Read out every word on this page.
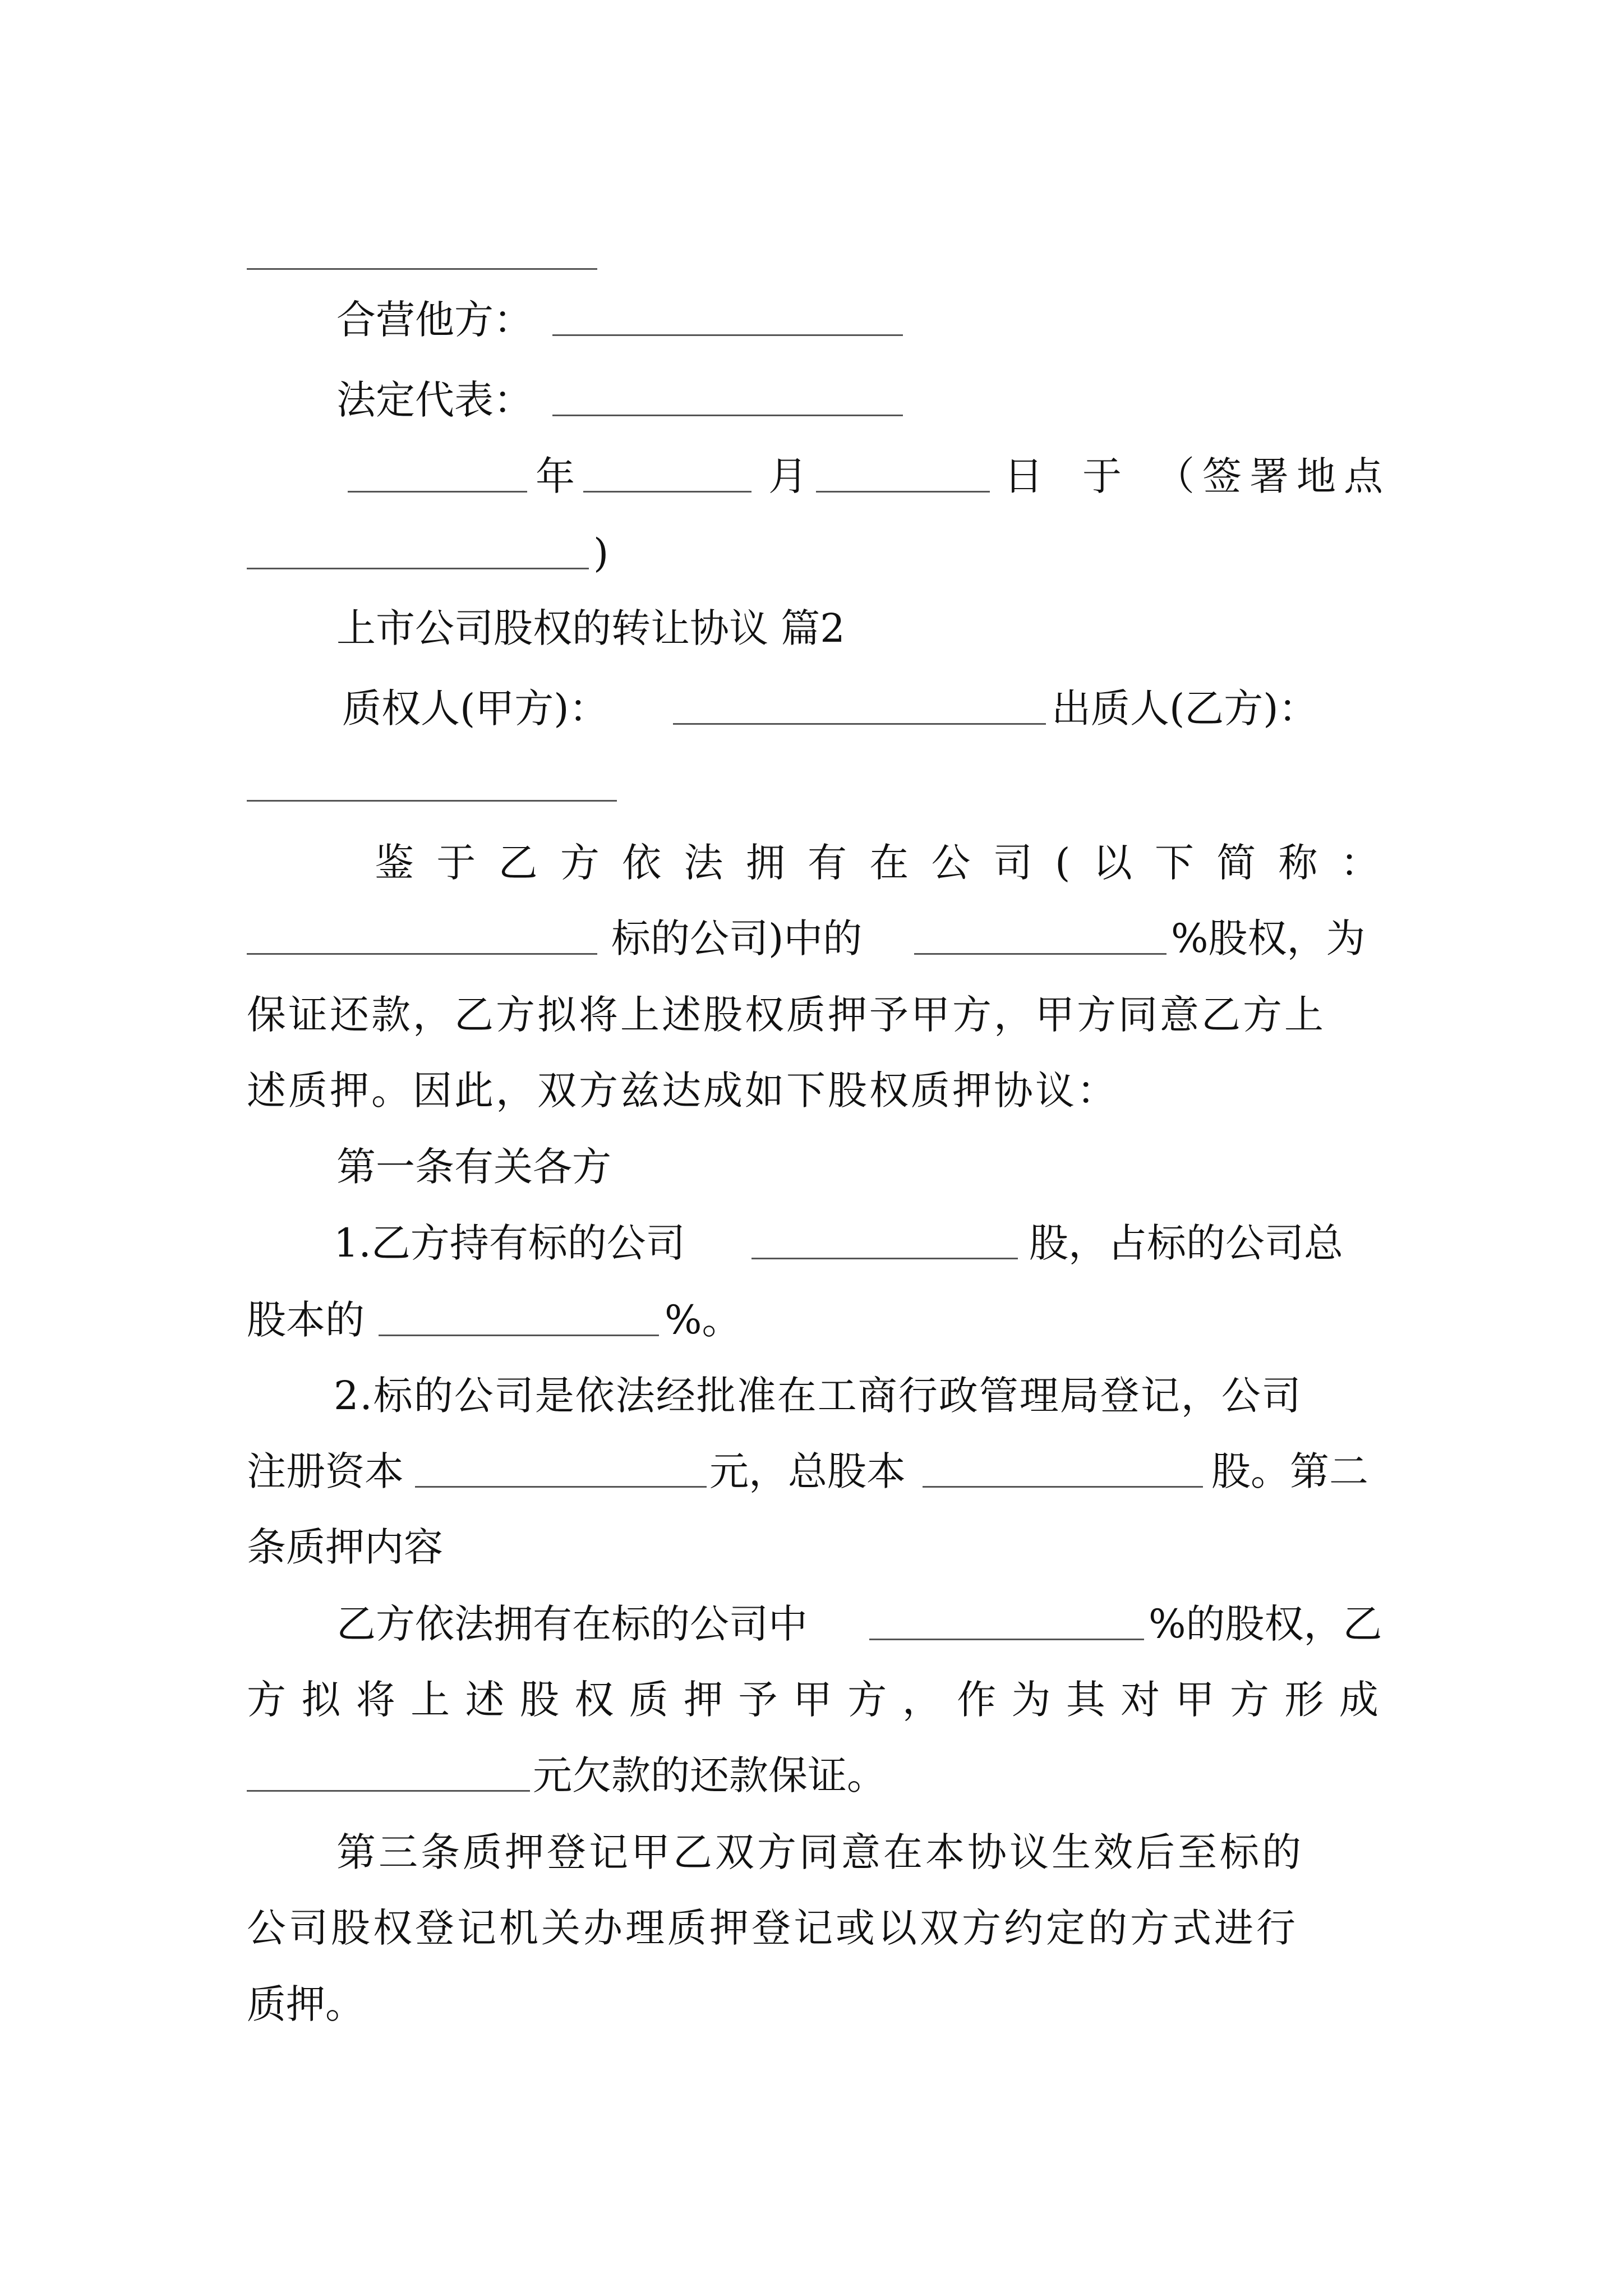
合营他方：
法定代表：
年	月	日 于 （签署地点
)
上市公司股权的转让协议 篇2
质权人(甲方)：	出质人(乙方)：
鉴 于 乙 方 依 法 拥 有 在 公 司 ( 以 下 简 称 ：
标的公司)中的	%股权，为
保证还款，乙方拟将上述股权质押予甲方，甲方同意乙方上
述质押。因此，双方兹达成如下股权质押协议：
第一条有关各方
1.乙方持有标的公司	股，占标的公司总
股本的	%。
2.标的公司是依法经批准在工商行政管理局登记，公司
注册资本	元，总股本	股。第二
条质押内容
乙方依法拥有在标的公司中	%的股权，乙
方 拟 将 上 述 股 权 质 押 予 甲 方 ， 作 为 其 对 甲 方 形 成
元欠款的还款保证。
第三条质押登记甲乙双方同意在本协议生效后至标的
公司股权登记机关办理质押登记或以双方约定的方式进行
质押。
